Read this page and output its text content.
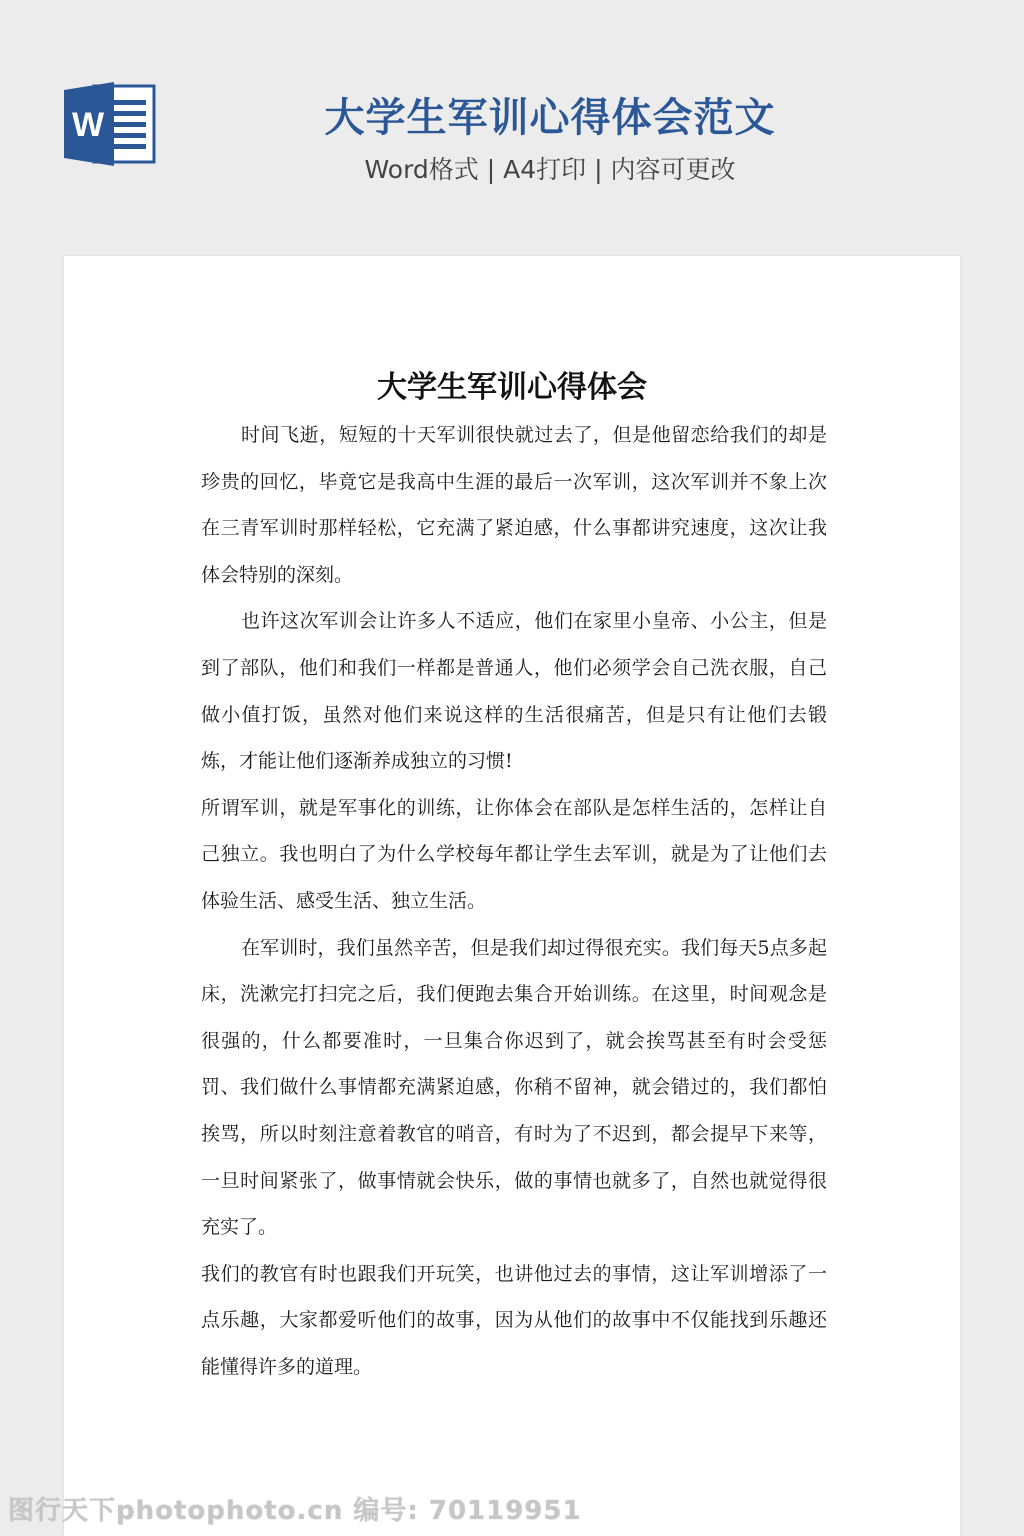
W	大学生军训心得体会范文
Word格式 | A4打印 | 内容可更改
大学生军训心得体会

时间飞逝，短短的十天军训很快就过去了，但是他留恋给我们的却是珍贵的回忆，毕竟它是我高中生涯的最后一次军训，这次军训并不象上次在三青军训时那样轻松，它充满了紧迫感，什么事都讲究速度，这次让我体会特别的深刻。

也许这次军训会让许多人不适应，他们在家里小皇帝、小公主，但是到了部队，他们和我们一样都是普通人，他们必须学会自己洗衣服，自己做小值打饭，虽然对他们来说这样的生活很痛苦，但是只有让他们去锻炼，才能让他们逐渐养成独立的习惯!

所谓军训，就是军事化的训练，让你体会在部队是怎样生活的，怎样让自己独立。我也明白了为什么学校每年都让学生去军训，就是为了让他们去体验生活、感受生活、独立生活。

在军训时，我们虽然辛苦，但是我们却过得很充实。我们每天5点多起床，洗漱完打扫完之后，我们便跑去集合开始训练。在这里，时间观念是很强的，什么都要准时，一旦集合你迟到了，就会挨骂甚至有时会受惩罚、我们做什么事情都充满紧迫感，你稍不留神，就会错过的，我们都怕挨骂，所以时刻注意着教官的哨音，有时为了不迟到，都会提早下来等，一旦时间紧张了，做事情就会快乐，做的事情也就多了，自然也就觉得很充实了。

我们的教官有时也跟我们开玩笑，也讲他过去的事情，这让军训增添了一点乐趣，大家都爱听他们的故事，因为从他们的故事中不仅能找到乐趣还能懂得许多的道理。

图行天下photophoto.cn 编号: 70119951
